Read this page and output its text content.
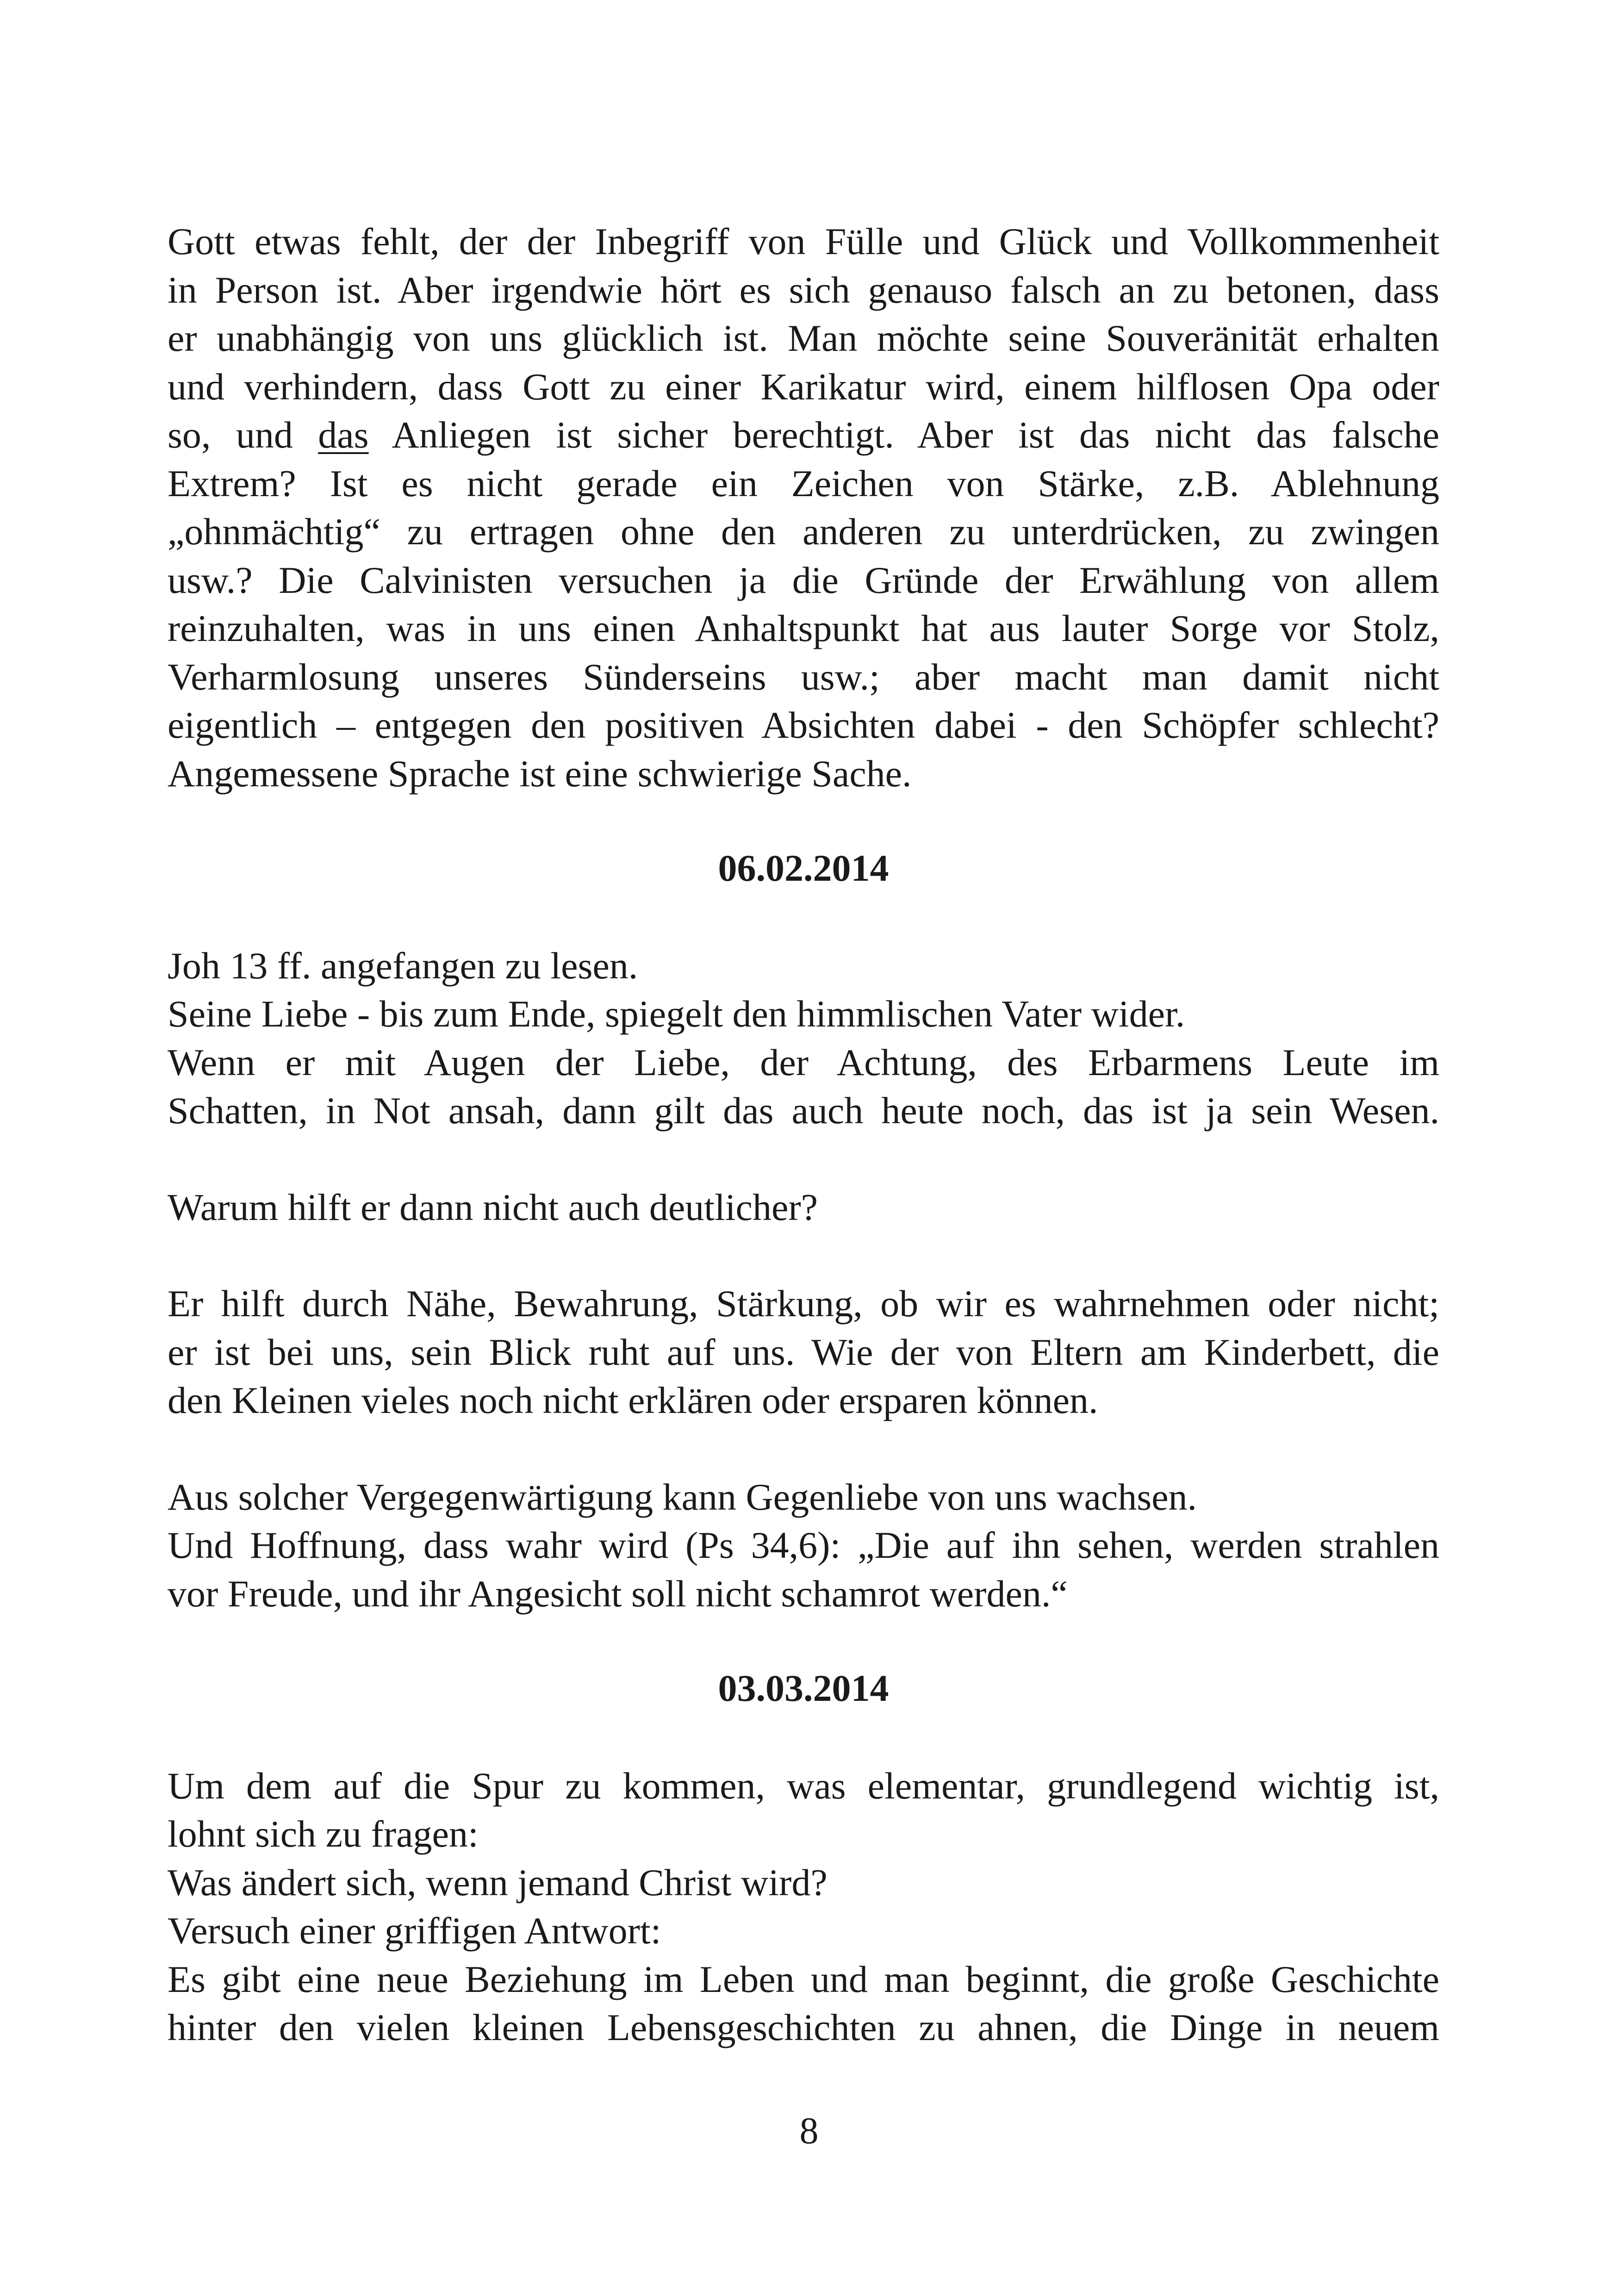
Gott etwas fehlt, der der Inbegriff von Fülle und Glück und Vollkommenheit
in Person ist. Aber irgendwie hört es sich genauso falsch an zu betonen, dass
er unabhängig von uns glücklich ist. Man möchte seine Souveränität erhalten
und verhindern, dass Gott zu einer Karikatur wird, einem hilflosen Opa oder
so, und das Anliegen ist sicher berechtigt. Aber ist das nicht das falsche
Extrem? Ist es nicht gerade ein Zeichen von Stärke, z.B. Ablehnung
„ohnmächtig“ zu ertragen ohne den anderen zu unterdrücken, zu zwingen
usw.? Die Calvinisten versuchen ja die Gründe der Erwählung von allem
reinzuhalten, was in uns einen Anhaltspunkt hat aus lauter Sorge vor Stolz,
Verharmlosung unseres Sünderseins usw.; aber macht man damit nicht
eigentlich – entgegen den positiven Absichten dabei - den Schöpfer schlecht?
Angemessene Sprache ist eine schwierige Sache.

06.02.2014

Joh 13 ff. angefangen zu lesen.
Seine Liebe - bis zum Ende, spiegelt den himmlischen Vater wider.
Wenn er mit Augen der Liebe, der Achtung, des Erbarmens Leute im
Schatten, in Not ansah, dann gilt das auch heute noch, das ist ja sein Wesen.

Warum hilft er dann nicht auch deutlicher?

Er hilft durch Nähe, Bewahrung, Stärkung, ob wir es wahrnehmen oder nicht;
er ist bei uns, sein Blick ruht auf uns. Wie der von Eltern am Kinderbett, die
den Kleinen vieles noch nicht erklären oder ersparen können.

Aus solcher Vergegenwärtigung kann Gegenliebe von uns wachsen.
Und Hoffnung, dass wahr wird (Ps 34,6): „Die auf ihn sehen, werden strahlen
vor Freude, und ihr Angesicht soll nicht schamrot werden.“

03.03.2014

Um dem auf die Spur zu kommen, was elementar, grundlegend wichtig ist,
lohnt sich zu fragen:
Was ändert sich, wenn jemand Christ wird?
Versuch einer griffigen Antwort:
Es gibt eine neue Beziehung im Leben und man beginnt, die große Geschichte
hinter den vielen kleinen Lebensgeschichten zu ahnen, die Dinge in neuem

8
